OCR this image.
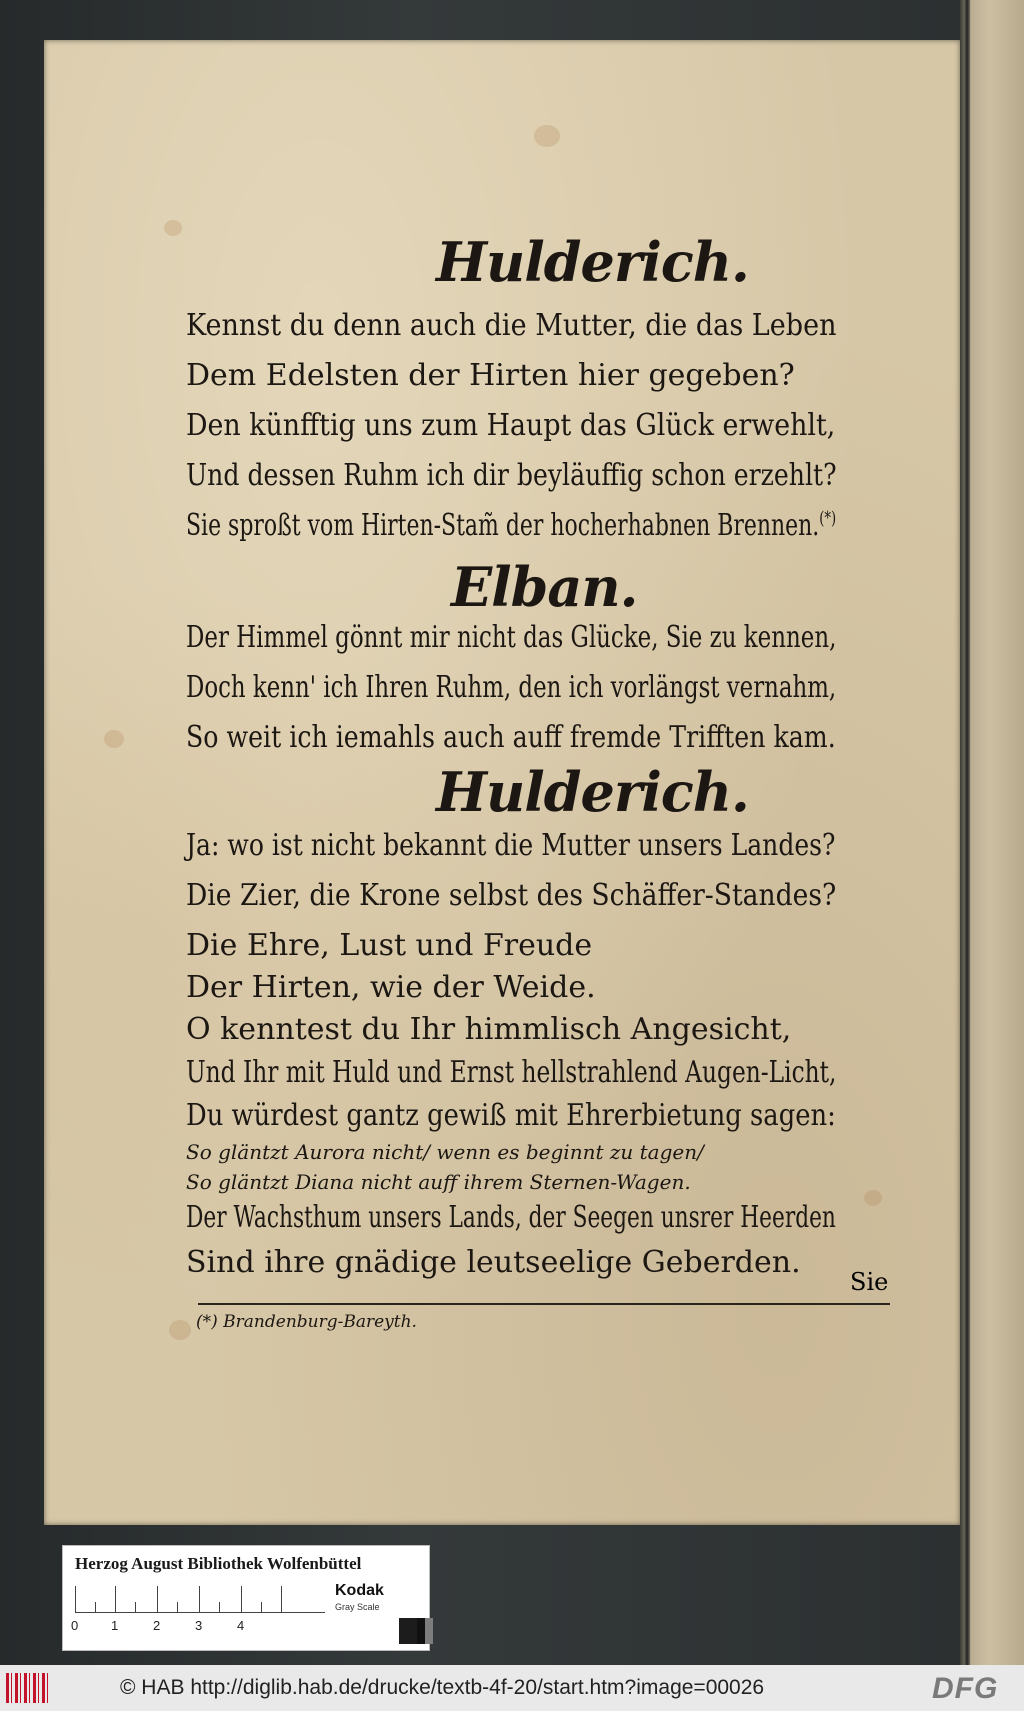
Hulderich.
Kennst du denn auch die Mutter, die das Leben
Dem Edelsten der Hirten hier gegeben?
Den künfftig uns zum Haupt das Glück erwehlt,
Und dessen Ruhm ich dir beyläuffig schon erzehlt?
Sie sproßt vom Hirten-Stam̃ der hocherhabnen Brennen.(*)
Elban.
Der Himmel gönnt mir nicht das Glücke, Sie zu kennen,
Doch kenn' ich Ihren Ruhm, den ich vorlängst vernahm,
So weit ich iemahls auch auff fremde Trifften kam.
Hulderich.
Ja: wo ist nicht bekannt die Mutter unsers Landes?
Die Zier, die Krone selbst des Schäffer-Standes?
Die Ehre, Lust und Freude
Der Hirten, wie der Weide.
O kenntest du Ihr himmlisch Angesicht,
Und Ihr mit Huld und Ernst hellstrahlend Augen-Licht,
Du würdest gantz gewiß mit Ehrerbietung sagen:
So gläntzt Aurora nicht/ wenn es beginnt zu tagen/
So gläntzt Diana nicht auff ihrem Sternen-Wagen.
Der Wachsthum unsers Lands, der Seegen unsrer Heerden
Sind ihre gnädige leutseelige Geberden.
Sie
(*) Brandenburg-Bareyth.
Herzog August Bibliothek Wolfenbüttel
0	1	2	3	4
Kodak
Gray Scale
© HAB http://diglib.hab.de/drucke/textb-4f-20/start.htm?image=00026	DFG
